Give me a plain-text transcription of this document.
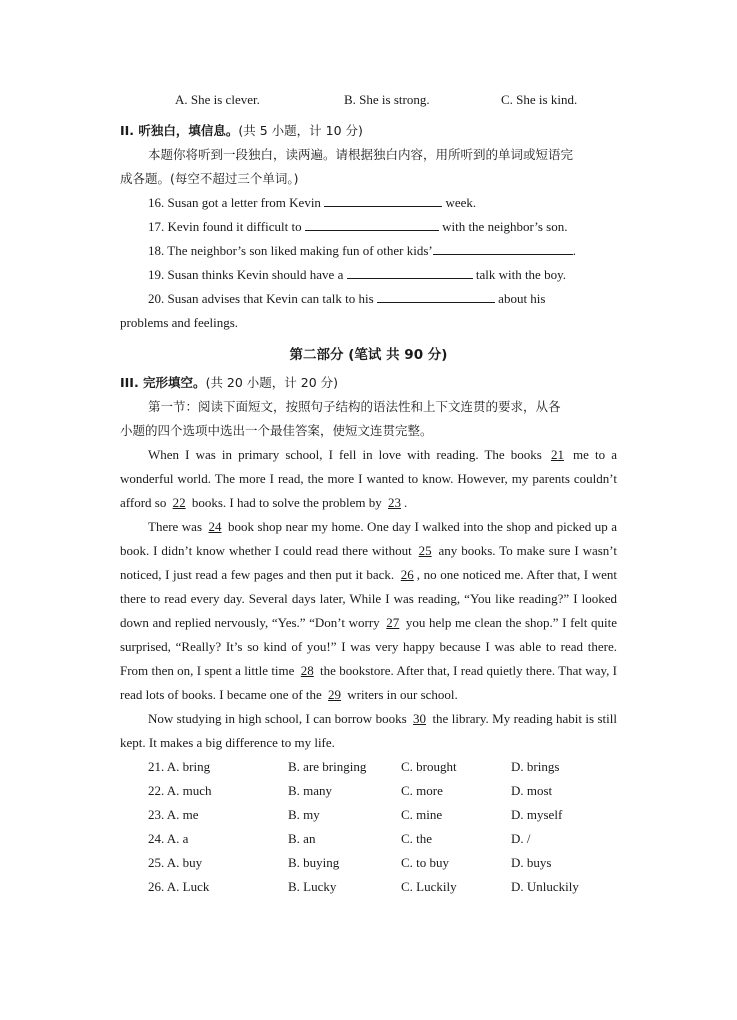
A. She is clever.	B. She is strong.	C. She is kind.
II. 听独白，填信息。(共 5 小题，计 10 分)
本题你将听到一段独白，读两遍。请根据独白内容，用所听到的单词或短语完
成各题。(每空不超过三个单词。)
16. Susan got a letter from Kevin	week.
17. Kevin found it difficult to	with the neighbor’s son.
18. The neighbor’s son liked making fun of other kids’	.
19. Susan thinks Kevin should have a	talk with the boy.
20. Susan advises that Kevin can talk to his	about his
problems and feelings.
第二部分 (笔试 共 90 分)
III. 完形填空。(共 20 小题，计 20 分)
第一节：阅读下面短文，按照句子结构的语法性和上下文连贯的要求，从各
小题的四个选项中选出一个最佳答案，使短文连贯完整。

When I was in primary school, I fell in love with reading. The books 21 me to a wonderful world. The more I read, the more I wanted to know. However, my parents couldn’t afford so 22 books. I had to solve the problem by 23 .

There was 24 book shop near my home. One day I walked into the shop and picked up a book. I didn’t know whether I could read there without 25 any books. To make sure I wasn’t noticed, I just read a few pages and then put it back. 26 , no one noticed me. After that, I went there to read every day. Several days later, While I was reading, “You like reading?” I looked down and replied nervously, “Yes.” “Don’t worry 27 you help me clean the shop.” I felt quite surprised, “Really? It’s so kind of you!” I was very happy because I was able to read there. From then on, I spent a little time 28 the bookstore. After that, I read quietly there. That way, I read lots of books. I became one of the 29 writers in our school.

Now studying in high school, I can borrow books 30 the library. My reading habit is still kept. It makes a big difference to my life.

21. A. bring	B. are bringing	C. brought	D. brings
22. A. much	B. many	C. more	D. most
23. A. me	B. my	C. mine	D. myself
24. A. a	B. an	C. the	D. /
25. A. buy	B. buying	C. to buy	D. buys
26. A. Luck	B. Lucky	C. Luckily	D. Unluckily
